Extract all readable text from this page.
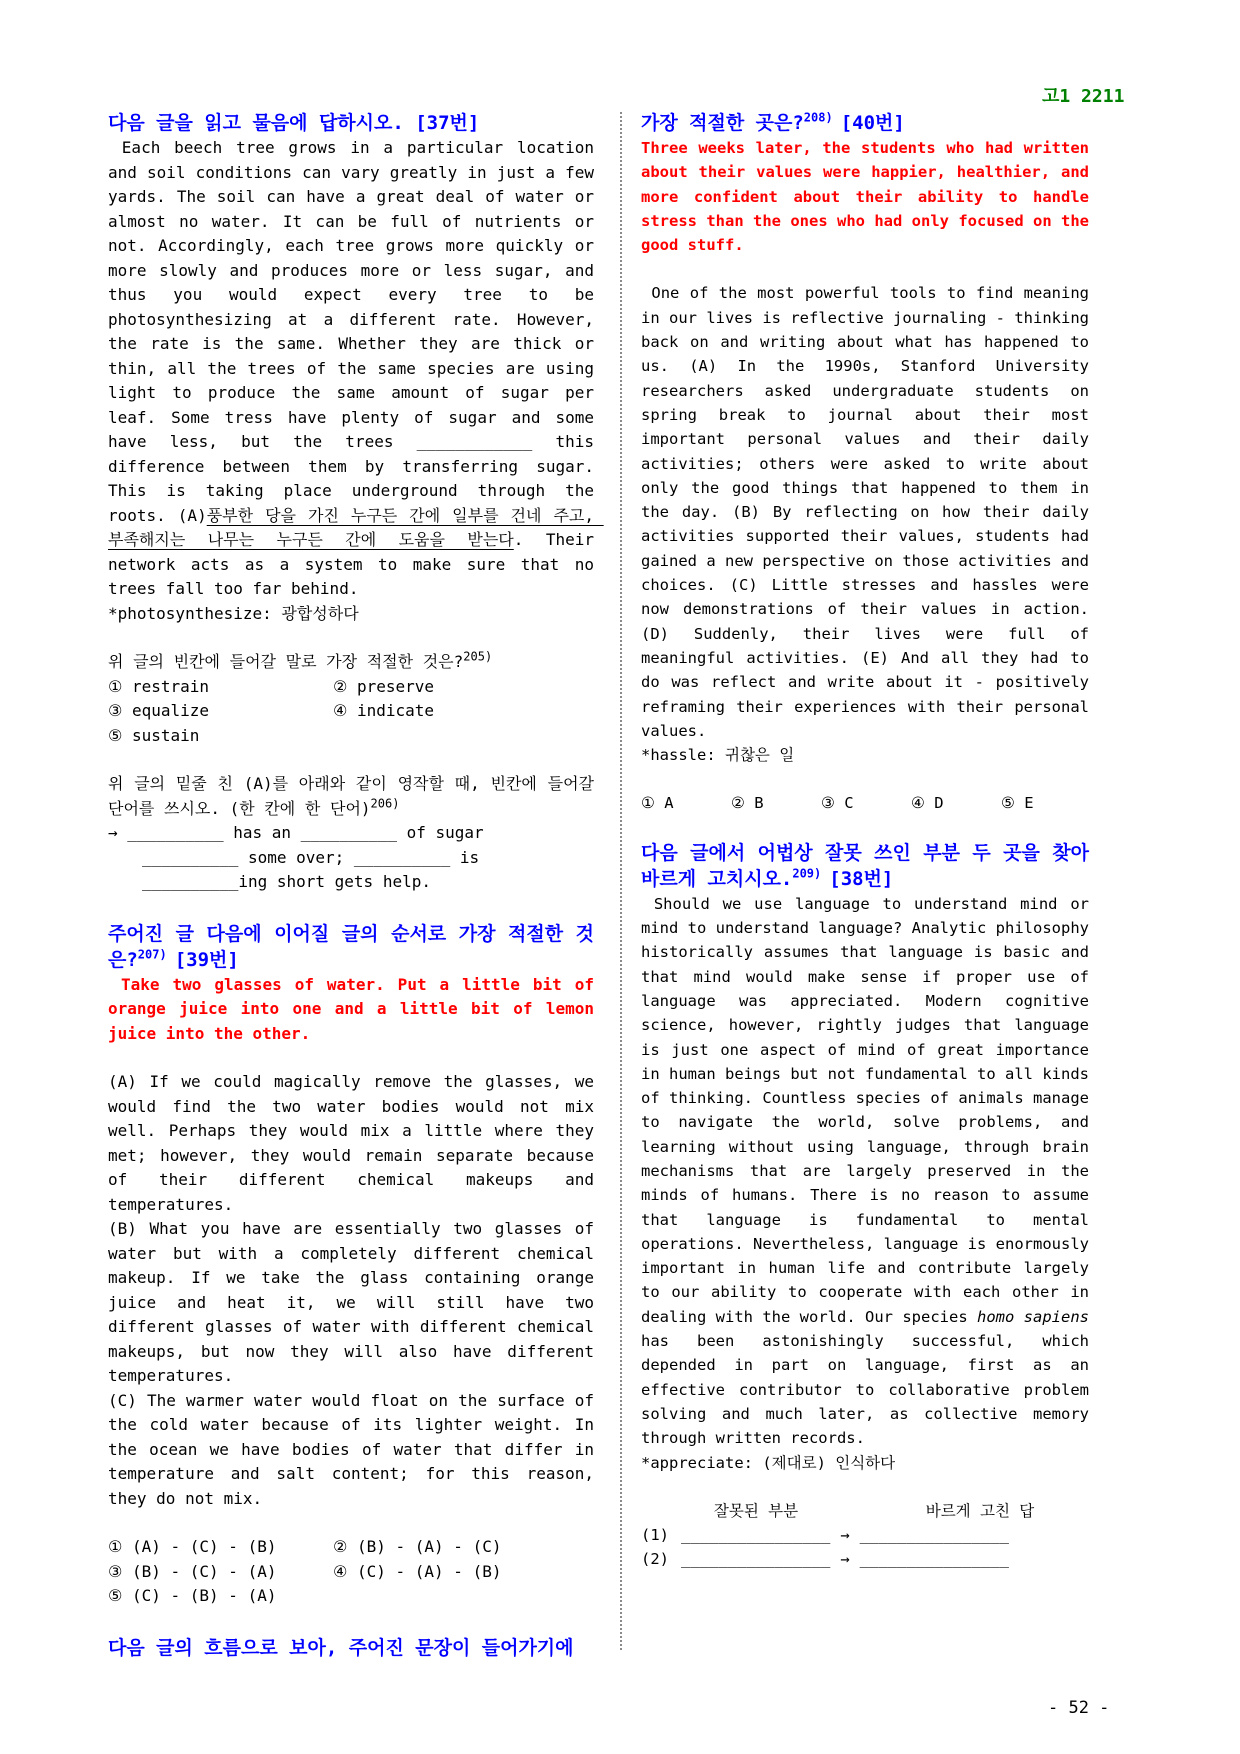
고1 2211
- 52 -
다음 글을 읽고 물음에 답하시오. [37번]
Each beech tree grows in a particular location and soil conditions can vary greatly in just a few yards. The soil can have a great deal of water or almost no water. It can be full of nutrients or not. Accordingly, each tree grows more quickly or more slowly and produces more or less sugar, and thus you would expect every tree to be photosynthesizing at a different rate. However, the rate is the same. Whether they are thick or thin, all the trees of the same species are using light to produce the same amount of sugar per leaf. Some tress have plenty of sugar and some have less, but the trees ____________ this difference between them by transferring sugar. This is taking place underground through the roots. (A)풍부한 당을 가진 누구든 간에 일부를 건네 주고, 부족해지는 나무는 누구든 간에 도움을 받는다. Their network acts as a system to make sure that no trees fall too far behind.
*photosynthesize: 광합성하다
위 글의 빈칸에 들어갈 말로 가장 적절한 것은?$^{205)}$
① restrain	② preserve
③ equalize	④ indicate
⑤ sustain
위 글의 밑줄 친 (A)를 아래와 같이 영작할 때, 빈칸에 들어갈 단어를 쓰시오. (한 칸에 한 단어)$^{206)}$
→ __________ has an __________ of sugar
__________ some over; __________ is
__________ing short gets help.
주어진 글 다음에 이어질 글의 순서로 가장 적절한 것은?$^{207)}$ [39번]
Take two glasses of water. Put a little bit of orange juice into one and a little bit of lemon juice into the other.
(A) If we could magically remove the glasses, we would find the two water bodies would not mix well. Perhaps they would mix a little where they met; however, they would remain separate because of their different chemical makeups and temperatures.
(B) What you have are essentially two glasses of water but with a completely different chemical makeup. If we take the glass containing orange juice and heat it, we will still have two different glasses of water with different chemical makeups, but now they will also have different temperatures.
(C) The warmer water would float on the surface of the cold water because of its lighter weight. In the ocean we have bodies of water that differ in temperature and salt content; for this reason, they do not mix.
① (A) - (C) - (B)	② (B) - (A) - (C)
③ (B) - (C) - (A)	④ (C) - (A) - (B)
⑤ (C) - (B) - (A)
다음 글의 흐름으로 보아, 주어진 문장이 들어가기에
가장 적절한 곳은?$^{208)}$ [40번]
Three weeks later, the students who had written about their values were happier, healthier, and more confident about their ability to handle stress than the ones who had only focused on the good stuff.
One of the most powerful tools to find meaning in our lives is reflective journaling - thinking back on and writing about what has happened to us. (A) In the 1990s, Stanford University researchers asked undergraduate students on spring break to journal about their most important personal values and their daily activities; others were asked to write about only the good things that happened to them in the day. (B) By reflecting on how their daily activities supported their values, students had gained a new perspective on those activities and choices. (C) Little stresses and hassles were now demonstrations of their values in action. (D) Suddenly, their lives were full of meaningful activities. (E) And all they had to do was reflect and write about it - positively reframing their experiences with their personal values.
*hassle: 귀찮은 일
① A	② B	③ C	④ D	⑤ E
다음 글에서 어법상 잘못 쓰인 부분 두 곳을 찾아 바르게 고치시오.$^{209)}$ [38번]
Should we use language to understand mind or mind to understand language? Analytic philosophy historically assumes that language is basic and that mind would make sense if proper use of language was appreciated. Modern cognitive science, however, rightly judges that language is just one aspect of mind of great importance in human beings but not fundamental to all kinds of thinking. Countless species of animals manage to navigate the world, solve problems, and learning without using language, through brain mechanisms that are largely preserved in the minds of humans. There is no reason to assume that language is fundamental to mental operations. Nevertheless, language is enormously important in human life and contribute largely to our ability to cooperate with each other in dealing with the world. Our species homo sapiens has been astonishingly successful, which depended in part on language, first as an effective contributor to collaborative problem solving and much later, as collective memory through written records.
*appreciate: (제대로) 인식하다
잘못된 부분	바르게 고친 답
(1) ________________ → ________________
(2) ________________ → ________________
